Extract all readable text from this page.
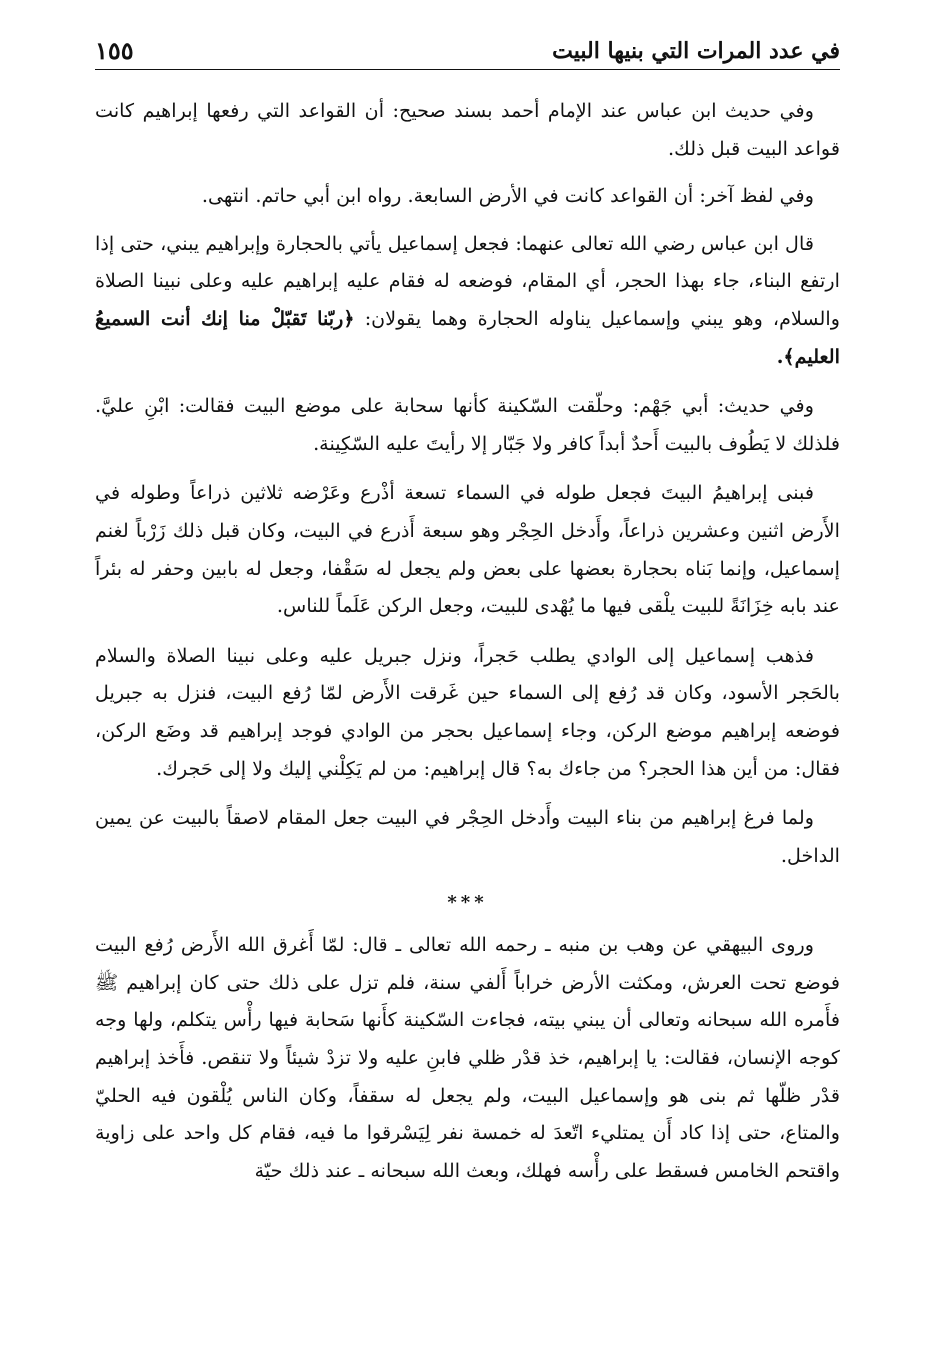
في عدد المرات التي بنيها البيت
١٥٥

وفي حديث ابن عباس عند الإمام أحمد بسند صحيح: أن القواعد التي رفعها إبراهيم كانت قواعد البيت قبل ذلك.

وفي لفظ آخر: أن القواعد كانت في الأرض السابعة. رواه ابن أبي حاتم. انتهى.

قال ابن عباس رضي الله تعالى عنهما: فجعل إسماعيل يأتي بالحجارة وإبراهيم يبني، حتى إذا ارتفع البناء، جاء بهذا الحجر، أي المقام، فوضعه له فقام عليه إبراهيم عليه وعلى نبينا الصلاة والسلام، وهو يبني وإسماعيل يناوله الحجارة وهما يقولان: ﴿ربّنا تَقبّلْ منا إنك أنت السميعُ العليم﴾.

وفي حديث: أبي جَهْم: وحلّقت السّكينة كأنها سحابة على موضع البيت فقالت: ابْنِ عليَّ. فلذلك لا يَطُوف بالبيت أَحدٌ أبداً كافر ولا جَبّار إلا رأيتَ عليه السّكِينة.

فبنى إبراهيمُ البيتَ فجعل طوله في السماء تسعة أذْرع وعَرْضه ثلاثين ذراعاً وطوله في الأَرض اثنين وعشرين ذراعاً، وأَدخل الحِجْر وهو سبعة أَذرع في البيت، وكان قبل ذلك زَرْباً لغنم إسماعيل، وإنما بَناه بحجارة بعضها على بعض ولم يجعل له سَقْفا، وجعل له بابين وحفر له بئراً عند بابه خِزَانَةً للبيت يلْقى فيها ما يُهْدى للبيت، وجعل الركن عَلَماً للناس.

فذهب إسماعيل إلى الوادي يطلب حَجراً، ونزل جبريل عليه وعلى نبينا الصلاة والسلام بالحَجر الأسود، وكان قد رُفع إلى السماء حين غَرقت الأَرض لمّا رُفع البيت، فنزل به جبريل فوضعه إبراهيم موضع الركن، وجاء إسماعيل بحجر من الوادي فوجد إبراهيم قد وضَع الركن، فقال: من أين هذا الحجر؟ من جاءك به؟ قال إبراهيم: من لم يَكِلْني إليك ولا إلى حَجرك.

ولما فرغ إبراهيم من بناء البيت وأَدخل الحِجْر في البيت جعل المقام لاصقاً بالبيت عن يمين الداخل.

***

وروى البيهقي عن وهب بن منبه ـ رحمه الله تعالى ـ قال: لمّا أَغرق الله الأَرض رُفع البيت فوضع تحت العرش، ومكثت الأرض خراباً أَلفي سنة، فلم تزل على ذلك حتى كان إبراهيم ﷺ فأَمره الله سبحانه وتعالى أن يبني بيته، فجاءت السّكينة كأَنها سَحابة فيها رأْس يتكلم، ولها وجه كوجه الإنسان، فقالت: يا إبراهيم، خذ قدْر ظلي فابنِ عليه ولا تزدْ شيئاً ولا تنقص. فأَخذ إبراهيم قدْر ظلّها ثم بنى هو وإسماعيل البيت، ولم يجعل له سقفاً، وكان الناس يُلْقون فيه الحليّ والمتاع، حتى إذا كاد أَن يمتليء اتّعدَ له خمسة نفر لِيَسْرقوا ما فيه، فقام كل واحد على زاوية واقتحم الخامس فسقط على رأْسه فهلك، وبعث الله سبحانه ـ عند ذلك حيّة
